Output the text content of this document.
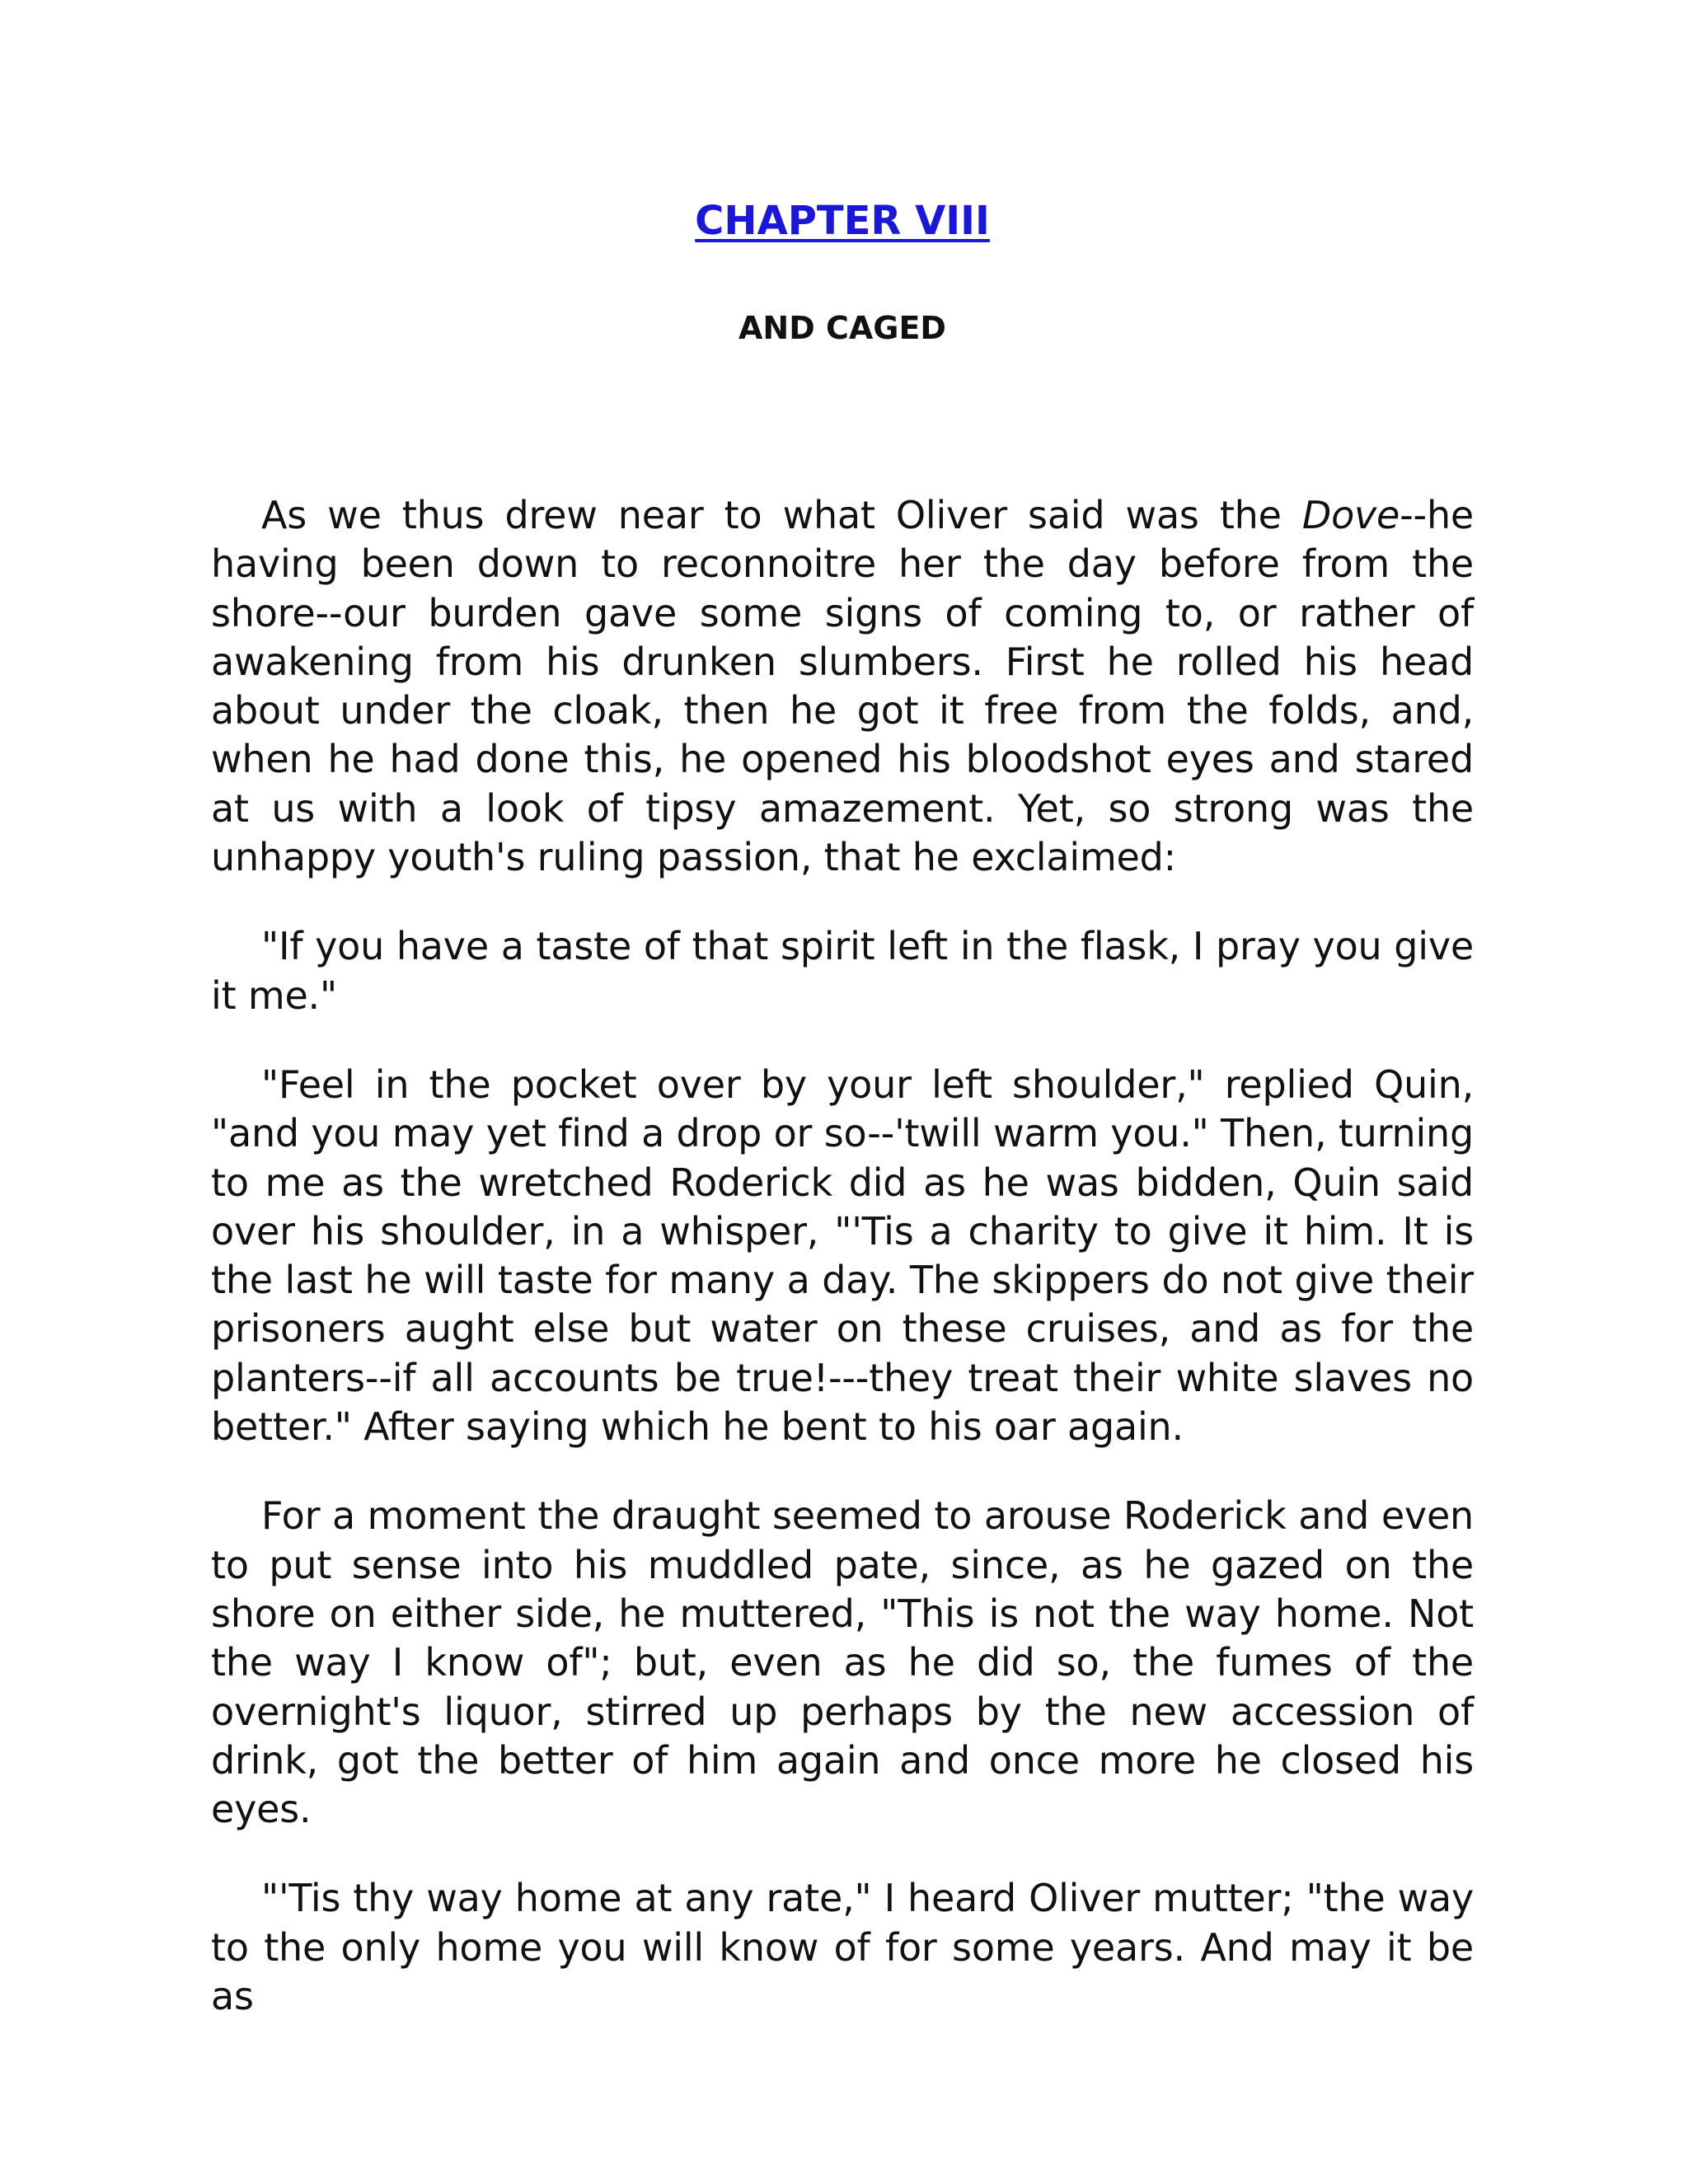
CHAPTER VIII
AND CAGED

As we thus drew near to what Oliver said was the Dove--he having been down to reconnoitre her the day before from the shore--our burden gave some signs of coming to, or rather of awakening from his drunken slumbers. First he rolled his head about under the cloak, then he got it free from the folds, and, when he had done this, he opened his bloodshot eyes and stared at us with a look of tipsy amazement. Yet, so strong was the unhappy youth's ruling passion, that he exclaimed:

"If you have a taste of that spirit left in the flask, I pray you give it me."

"Feel in the pocket over by your left shoulder," replied Quin, "and you may yet find a drop or so--'twill warm you." Then, turning to me as the wretched Roderick did as he was bidden, Quin said over his shoulder, in a whisper, "'Tis a charity to give it him. It is the last he will taste for many a day. The skippers do not give their prisoners aught else but water on these cruises, and as for the planters--if all accounts be true!---they treat their white slaves no better." After saying which he bent to his oar again.

For a moment the draught seemed to arouse Roderick and even to put sense into his muddled pate, since, as he gazed on the shore on either side, he muttered, "This is not the way home. Not the way I know of"; but, even as he did so, the fumes of the overnight's liquor, stirred up perhaps by the new accession of drink, got the better of him again and once more he closed his eyes.

"'Tis thy way home at any rate," I heard Oliver mutter; "the way to the only home you will know of for some years. And may it be as
